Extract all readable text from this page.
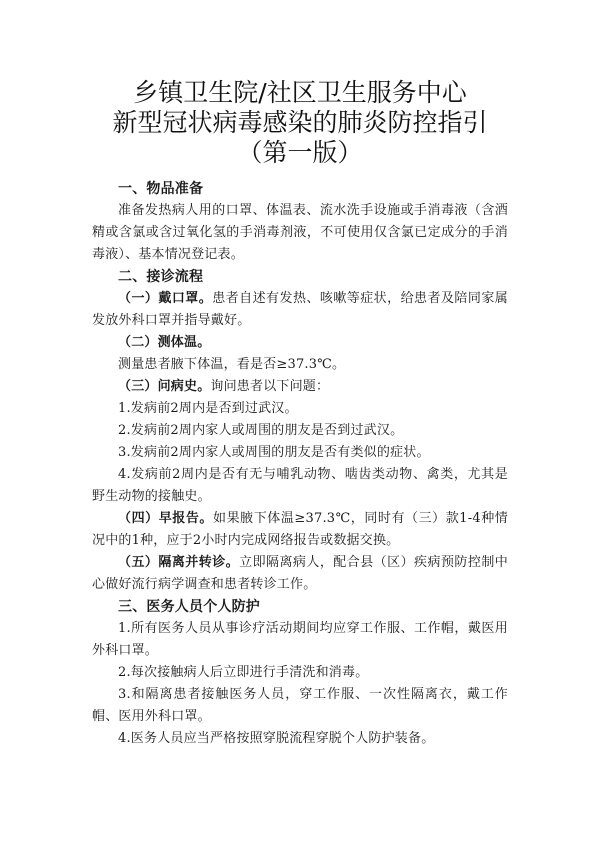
乡镇卫生院/社区卫生服务中心
新型冠状病毒感染的肺炎防控指引
（第一版）

一、物品准备

准备发热病人用的口罩、体温表、流水洗手设施或手消毒液（含酒精或含氯或含过氧化氢的手消毒剂液，不可使用仅含氯已定成分的手消毒液）、基本情况登记表。

二、接诊流程

（一）戴口罩。患者自述有发热、咳嗽等症状，给患者及陪同家属发放外科口罩并指导戴好。

（二）测体温。

测量患者腋下体温，看是否≥37.3℃。

（三）问病史。询问患者以下问题：

1.发病前2周内是否到过武汉。

2.发病前2周内家人或周围的朋友是否到过武汉。

3.发病前2周内家人或周围的朋友是否有类似的症状。

4.发病前2周内是否有无与哺乳动物、啮齿类动物、禽类，尤其是野生动物的接触史。

（四）早报告。如果腋下体温≥37.3℃，同时有（三）款1-4种情况中的1种，应于2小时内完成网络报告或数据交换。

（五）隔离并转诊。立即隔离病人，配合县（区）疾病预防控制中心做好流行病学调查和患者转诊工作。

三、医务人员个人防护

1.所有医务人员从事诊疗活动期间均应穿工作服、工作帽，戴医用外科口罩。

2.每次接触病人后立即进行手清洗和消毒。

3.和隔离患者接触医务人员，穿工作服、一次性隔离衣，戴工作帽、医用外科口罩。

4.医务人员应当严格按照穿脱流程穿脱个人防护装备。
